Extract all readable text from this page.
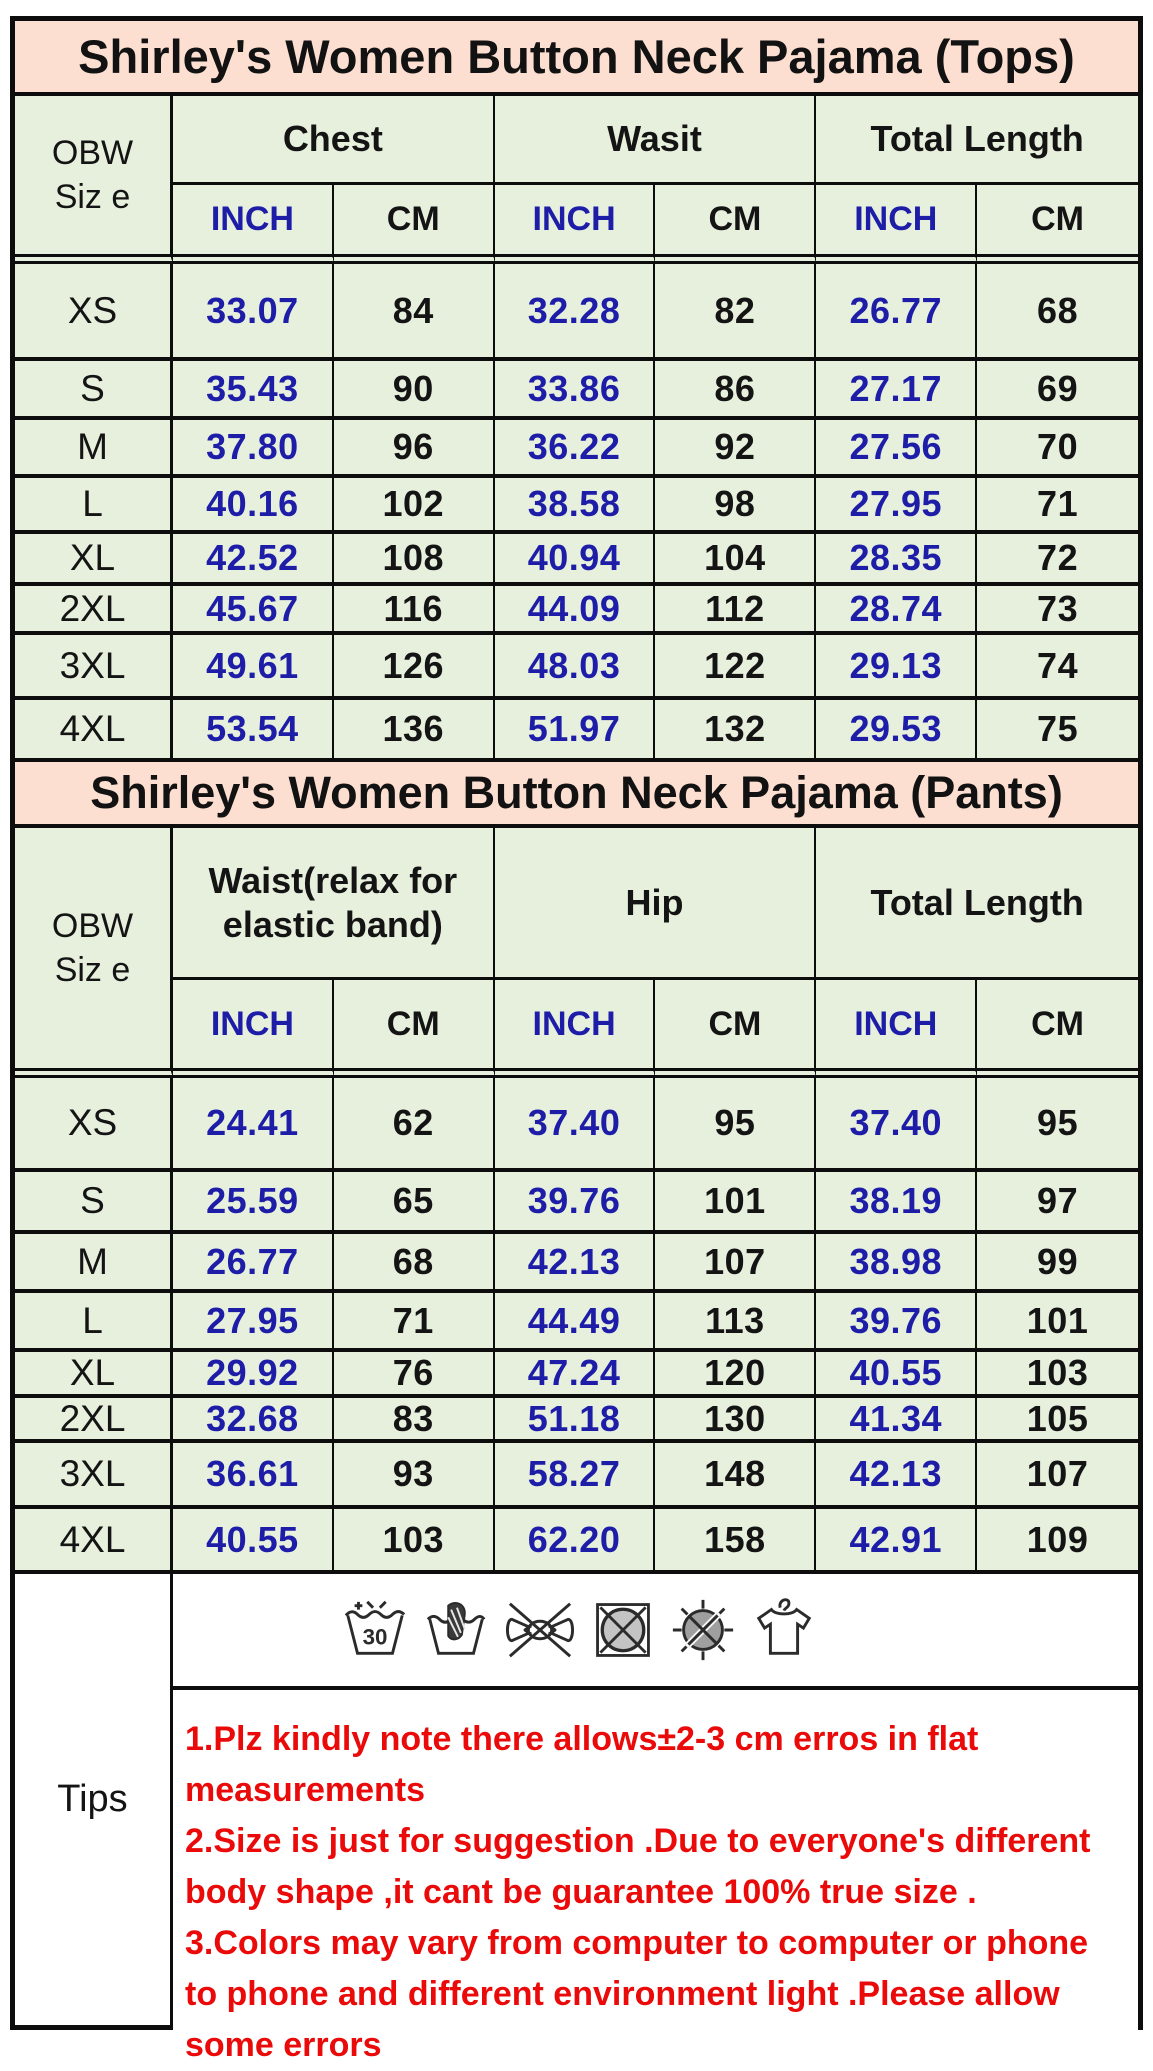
Shirley's Women Button Neck Pajama (Tops)
OBW
Siz e
Chest	Wasit	Total Length
INCH	CM	INCH	CM	INCH	CM
XS	33.07	84	32.28	82	26.77	68
S	35.43	90	33.86	86	27.17	69
M	37.80	96	36.22	92	27.56	70
L	40.16	102	38.58	98	27.95	71
XL	42.52	108	40.94	104	28.35	72
2XL	45.67	116	44.09	112	28.74	73
3XL	49.61	126	48.03	122	29.13	74
4XL	53.54	136	51.97	132	29.53	75
Shirley's Women Button Neck Pajama (Pants)
OBW
Siz e
Waist(relax for elastic band)
Hip	Total Length
INCH	CM	INCH	CM	INCH	CM
XS	24.41	62	37.40	95	37.40	95
S	25.59	65	39.76	101	38.19	97
M	26.77	68	42.13	107	38.98	99
L	27.95	71	44.49	113	39.76	101
XL	29.92	76	47.24	120	40.55	103
2XL	32.68	83	51.18	130	41.34	105
3XL	36.61	93	58.27	148	42.13	107
4XL	40.55	103	62.20	158	42.91	109
Tips
30
1.Plz kindly note there allows±2-3 cm erros in flat measurements
2.Size is just for suggestion .Due to everyone's different body shape ,it cant be guarantee 100% true size .
3.Colors may vary from computer to computer or phone to phone and different environment light .Please allow some errors
